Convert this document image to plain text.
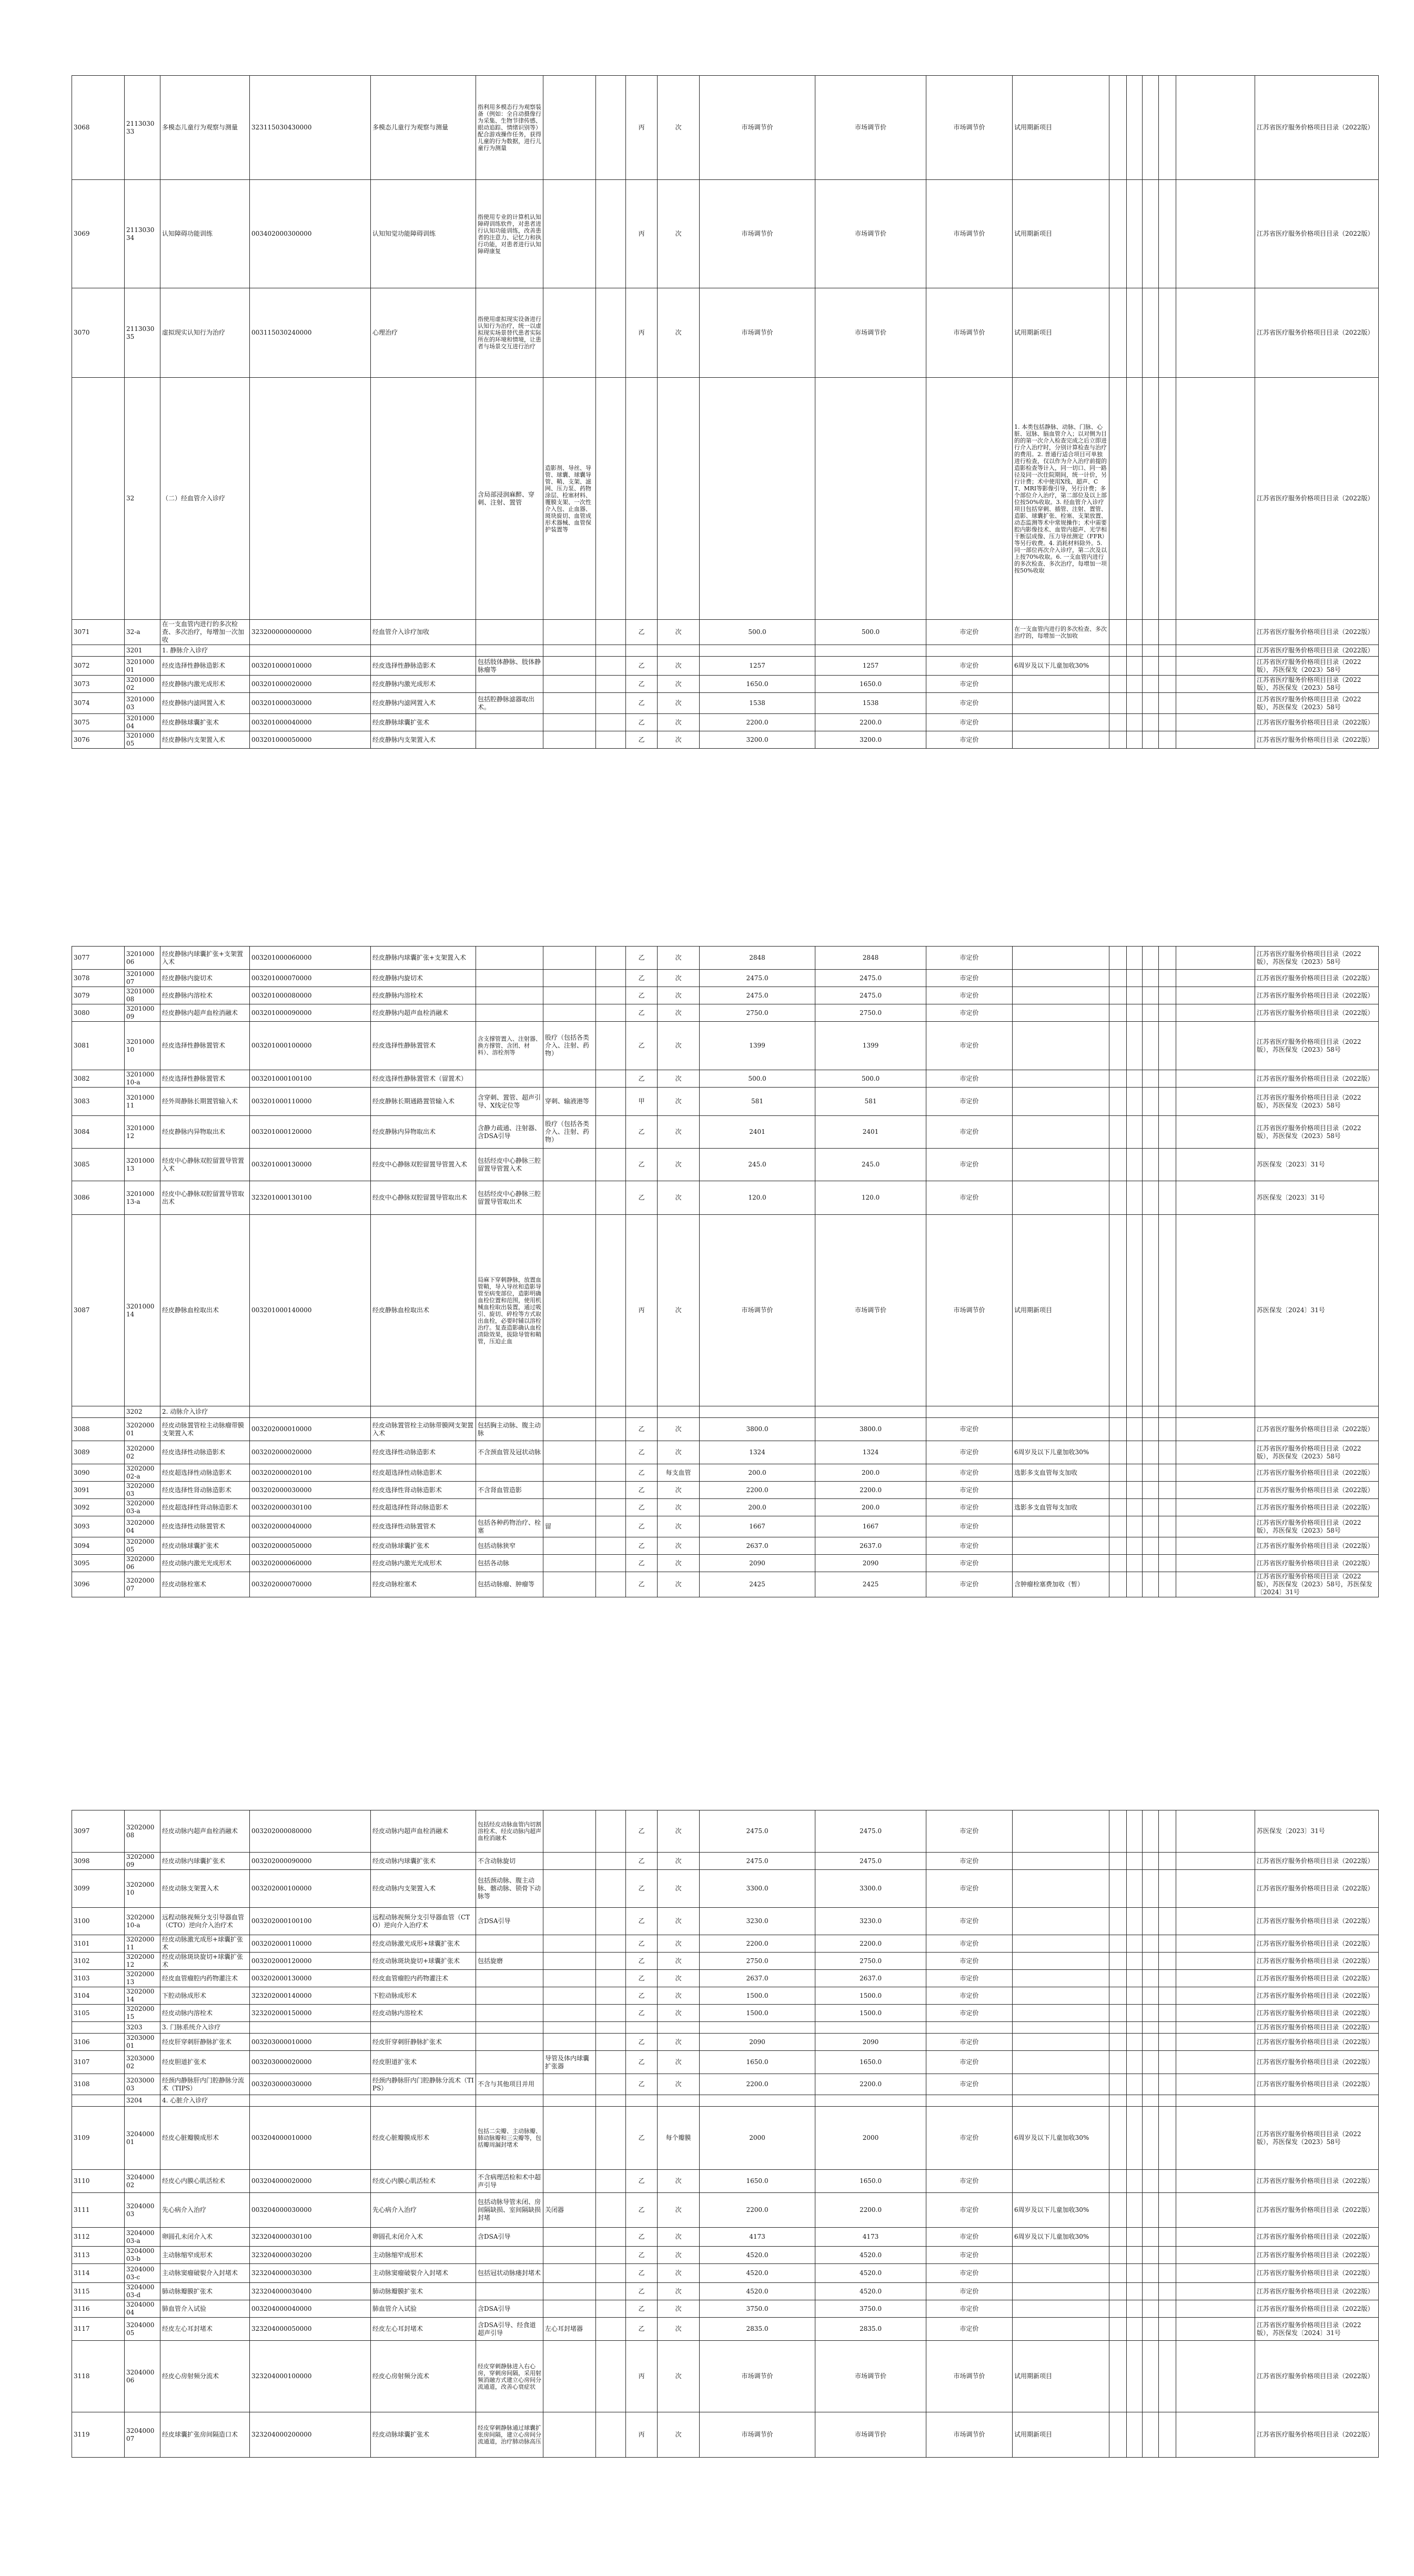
3068	211303033	多模态儿童行为观察与测量	323115030430000	多模态儿童行为观察与测量	指利用多模态行为观察装备（例如：全自动摄像行为采集、生物节律传感、眼动追踪、情绪识别等）配合游戏操作任务，获得儿童的行为数据，进行儿童行为测量			丙	次	市场调节价	市场调节价	市场调节价	试用期新项目						江苏省医疗服务价格项目目录（2022版）
3069	211303034	认知障碍功能训练	003402000300000	认知知觉功能障碍训练	指使用专业的计算机认知障碍训练软件，对患者进行认知功能训练，改善患者的注意力、记忆力和执行功能，对患者进行认知障碍康复			丙	次	市场调节价	市场调节价	市场调节价	试用期新项目						江苏省医疗服务价格项目目录（2022版）
3070	211303035	虚拟现实认知行为治疗	003115030240000	心理治疗	指使用虚拟现实设备进行认知行为治疗，统一以虚拟现实场景替代患者实际所在的环境和情境，让患者与场景交互进行治疗			丙	次	市场调节价	市场调节价	市场调节价	试用期新项目						江苏省医疗服务价格项目目录（2022版）
	32	（二）经血管介入诊疗			含局部浸润麻醉、穿刺、注射、置管	造影剂、导丝、导管、球囊、球囊导管、鞘、支架、滤网、压力泵、药物涂层、栓塞材料、覆膜支架、一次性介入包、止血器、斑块旋切、血管成形术器械、血管保护装置等							1. 本类包括静脉、动脉、门脉、心脏、冠脉、脑血管介入；以对侧为目的的第一次介入检查完成之后立即进行介入治疗时，分别计算检查与治疗的费用。2. 普通行适合项目可单独进行检查，仅以作为介入治疗前提的造影检查等计入，同一切口、同一路径及同一次住院期间，统一计价，另行计费；术中使用X线、超声、CT、MRI等影像引导，另行计费；多个部位介入治疗，第二部位及以上部位按50%收取。3. 经血管介入诊疗项目包括穿刺、插管、注射、置管、造影、球囊扩张、栓塞、支架放置、动态监测等术中常规操作；术中需要腔内影像技术、血管内超声、光学相干断层成像、压力导丝测定（FFR）等另行收费。4. 消耗材料除外。5. 同一部位再次介入诊疗，第二次及以上按70%收取。6. 一支血管内进行的多次检查、多次治疗，每增加一项按50%收取						江苏省医疗服务价格项目目录（2022版）
3071	32-a	在一支血管内进行的多次检查、多次治疗，每增加一次加收	323200000000000	经血管介入诊疗加收				乙	次	500.0	500.0	市定价	在一支血管内进行的多次检查、多次治疗的，每增加一次加收						江苏省医疗服务价格项目目录（2022版）
	3201	1. 静脉介入诊疗																	江苏省医疗服务价格项目目录（2022版）
3072	320100001	经皮选择性静脉造影术	003201000010000	经皮选择性静脉造影术	包括肢体静脉、肢体静脉瘤等			乙	次	1257	1257	市定价	6周岁及以下儿童加收30%						江苏省医疗服务价格项目目录（2022版），苏医保发（2023）58号
3073	320100002	经皮静脉内激光成形术	003201000020000	经皮静脉内激光成形术				乙	次	1650.0	1650.0	市定价							江苏省医疗服务价格项目目录（2022版），苏医保发（2023）58号
3074	320100003	经皮静脉内滤网置入术	003201000030000	经皮静脉内滤网置入术	包括腔静脉滤器取出术。			乙	次	1538	1538	市定价							江苏省医疗服务价格项目目录（2022版），苏医保发（2023）58号
3075	320100004	经皮静脉球囊扩张术	003201000040000	经皮静脉球囊扩张术				乙	次	2200.0	2200.0	市定价							江苏省医疗服务价格项目目录（2022版）
3076	320100005	经皮静脉内支架置入术	003201000050000	经皮静脉内支架置入术				乙	次	3200.0	3200.0	市定价							江苏省医疗服务价格项目目录（2022版）
3077	320100006	经皮静脉内球囊扩张+支架置入术	003201000060000	经皮静脉内球囊扩张+支架置入术				乙	次	2848	2848	市定价							江苏省医疗服务价格项目目录（2022版），苏医保发（2023）58号
3078	320100007	经皮静脉内旋切术	003201000070000	经皮静脉内旋切术				乙	次	2475.0	2475.0	市定价							江苏省医疗服务价格项目目录（2022版）
3079	320100008	经皮静脉内溶栓术	003201000080000	经皮静脉内溶栓术				乙	次	2475.0	2475.0	市定价							江苏省医疗服务价格项目目录（2022版）
3080	320100009	经皮静脉内超声血栓消融术	003201000090000	经皮静脉内超声血栓消融术				乙	次	2750.0	2750.0	市定价							江苏省医疗服务价格项目目录（2022版）
3081	320100010	经皮选择性静脉置管术	003201000100000	经皮选择性静脉置管术	含支撑管置入、注射器、换方撑管、含团、材料）、溶栓剂等	股疗（包括各类介入、注射、药物）		乙	次	1399	1399	市定价							江苏省医疗服务价格项目目录（2022版），苏医保发（2023）58号
3082	320100010-a	经皮选择性静脉置管术	003201000100100	经皮选择性静脉置管术（留置术）				乙	次	500.0	500.0	市定价							江苏省医疗服务价格项目目录（2022版）
3083	320100011	经外周静脉长期置管输入术	003201000110000	经皮静脉长期通路置管输入术	含穿刺、置管、超声引导、X线定位等	穿刺、输液港等		甲	次	581	581	市定价							江苏省医疗服务价格项目目录（2022版），苏医保发（2023）58号
3084	320100012	经皮静脉内异物取出术	003201000120000	经皮静脉内异物取出术	含静力疏通、注射器、含DSA引导	股疗（包括各类介入、注射、药物）		乙	次	2401	2401	市定价							江苏省医疗服务价格项目目录（2022版），苏医保发（2023）58号
3085	320100013	经皮中心静脉双腔留置导管置入术	003201000130000	经皮中心静脉双腔留置导管置入术	包括经皮中心静脉三腔留置导管置入术			乙	次	245.0	245.0	市定价							苏医保发〔2023〕31号
3086	320100013-a	经皮中心静脉双腔留置导管取出术	323201000130100	经皮中心静脉双腔留置导管取出术	包括经皮中心静脉三腔留置导管取出术			乙	次	120.0	120.0	市定价							苏医保发〔2023〕31号
3087	320100014	经皮静脉血栓取出术	003201000140000	经皮静脉血栓取出术	局麻下穿刺静脉，放置血管鞘，导入导丝和造影导管至病变部位，造影明确血栓位置和范围，使用机械血栓取出装置，通过吸引、旋切、碎栓等方式取出血栓，必要时辅以溶栓治疗。复查造影确认血栓清除效果，拔除导管和鞘管，压迫止血			丙	次	市场调节价	市场调节价	市场调节价	试用期新项目						苏医保发〔2024〕31号
	3202	2. 动脉介入诊疗																	
3088	320200001	经皮动脉置管栓主动脉瘤带膜支架置入术	003202000010000	经皮动脉置管栓主动脉带膜网支架置入术	包括胸主动脉、腹主动脉			乙	次	3800.0	3800.0	市定价							江苏省医疗服务价格项目目录（2022版）
3089	320200002	经皮选择性动脉造影术	003202000020000	经皮选择性动脉造影术	不含颈血管及冠状动脉			乙	次	1324	1324	市定价	6周岁及以下儿童加收30%						江苏省医疗服务价格项目目录（2022版），苏医保发（2023）58号
3090	320200002-a	经皮超选择性动脉造影术	003202000020100	经皮超选择性动脉造影术				乙	每支血管	200.0	200.0	市定价	选影多支血管每支加收						江苏省医疗服务价格项目目录（2022版）
3091	320200003	经皮选择性肾动脉造影术	003202000030000	经皮选择性肾动脉造影术	不含肾血管造影			乙	次	2200.0	2200.0	市定价							江苏省医疗服务价格项目目录（2022版）
3092	320200003-a	经皮超选择性肾动脉造影术	003202000030100	经皮超选择性肾动脉造影术				乙	次	200.0	200.0	市定价	选影多支血管每支加收						江苏省医疗服务价格项目目录（2022版）
3093	320200004	经皮选择性动脉置管术	003202000040000	经皮选择性动脉置管术	包括各种药物治疗、栓塞	留		乙	次	1667	1667	市定价							江苏省医疗服务价格项目目录（2022版），苏医保发（2023）58号
3094	320200005	经皮动脉球囊扩张术	003202000050000	经皮动脉球囊扩张术	包括动脉狭窄			乙	次	2637.0	2637.0	市定价							江苏省医疗服务价格项目目录（2022版）
3095	320200006	经皮动脉内激光光成形术	003202000060000	经皮动脉内激光光成形术	包括各动脉			乙	次	2090	2090	市定价							江苏省医疗服务价格项目目录（2022版）
3096	320200007	经皮动脉栓塞术	003202000070000	经皮动脉栓塞术	包括动脉瘤、肿瘤等			乙	次	2425	2425	市定价	含肿瘤栓塞费加收（暂）						江苏省医疗服务价格项目目录（2022版），苏医保发（2023）58号，苏医保发〔2024〕31号
3097	320200008	经皮动脉内超声血栓消融术	003202000080000	经皮动脉内超声血栓消融术	包括经皮动脉血管内切割溶栓术、经皮动脉内超声血栓消融术			乙	次	2475.0	2475.0	市定价							苏医保发〔2023〕31号
3098	320200009	经皮动脉内球囊扩张术	003202000090000	经皮动脉内球囊扩张术	不含动脉旋切			乙	次	2475.0	2475.0	市定价							江苏省医疗服务价格项目目录（2022版）
3099	320200010	经皮动脉支架置入术	003202000100000	经皮动脉内支架置入术	包括颈动脉、腹主动脉、髂动脉、锁骨下动脉等			乙	次	3300.0	3300.0	市定价							江苏省医疗服务价格项目目录（2022版）
3100	320200010-a	远程动脉视频分支引导器血管（CTO）逆向介入治疗术	003202000100100	远程动脉视频分支引导器血管（CTO）逆向介入治疗术	含DSA引导			乙	次	3230.0	3230.0	市定价							江苏省医疗服务价格项目目录（2022版）
3101	320200011	经皮动脉激光成形+球囊扩张术	003202000110000	经皮动脉激光成形+球囊扩张术				乙	次	2200.0	2200.0	市定价							江苏省医疗服务价格项目目录（2022版）
3102	320200012	经皮动脉斑块旋切+球囊扩张术	003202000120000	经皮动脉斑块旋切+球囊扩张术	包括旋磨			乙	次	2750.0	2750.0	市定价							江苏省医疗服务价格项目目录（2022版）
3103	320200013	经皮血管瘤腔内药物灌注术	003202000130000	经皮血管瘤腔内药物灌注术				乙	次	2637.0	2637.0	市定价							江苏省医疗服务价格项目目录（2022版）
3104	320200014	下腔动脉成形术	323202000140000	下腔动脉成形术				乙	次	1500.0	1500.0	市定价							江苏省医疗服务价格项目目录（2022版）
3105	320200015	经皮动脉内溶栓术	323202000150000	经皮动脉内溶栓术				乙	次	1500.0	1500.0	市定价							江苏省医疗服务价格项目目录（2022版）
	3203	3. 门脉系统介入诊疗																	江苏省医疗服务价格项目目录（2022版）
3106	320300001	经皮肝穿刺肝静脉扩张术	003203000010000	经皮肝穿刺肝静脉扩张术				乙	次	2090	2090	市定价							江苏省医疗服务价格项目目录（2022版）
3107	320300002	经皮胆道扩张术	003203000020000	经皮胆道扩张术		导管及体内球囊扩张器		乙	次	1650.0	1650.0	市定价							江苏省医疗服务价格项目目录（2022版）
3108	320300003	经颈内静脉肝内门腔静脉分流术（TIPS）	003203000030000	经颈内静脉肝内门腔静脉分流术（TIPS）	不含与其他项目并用			乙	次	2200.0	2200.0	市定价							江苏省医疗服务价格项目目录（2022版）
	3204	4. 心脏介入诊疗																	
3109	320400001	经皮心脏瓣膜成形术	003204000010000	经皮心脏瓣膜成形术	包括二尖瓣、主动脉瓣、肺动脉瓣和三尖瓣等，包括瓣周漏封堵术			乙	每个瓣膜	2000	2000	市定价	6周岁及以下儿童加收30%						江苏省医疗服务价格项目目录（2022版），苏医保发（2023）58号
3110	320400002	经皮心内膜心肌活检术	003204000020000	经皮心内膜心肌活检术	不含病理活检和术中超声引导			乙	次	1650.0	1650.0	市定价							江苏省医疗服务价格项目目录（2022版）
3111	320400003	先心病介入治疗	003204000030000	先心病介入治疗	包括动脉导管未闭、房间隔缺损、室间隔缺损封堵	关闭器		乙	次	2200.0	2200.0	市定价	6周岁及以下儿童加收30%						江苏省医疗服务价格项目目录（2022版）
3112	320400003-a	卵圆孔未闭介入术	323204000030100	卵圆孔未闭介入术	含DSA引导			乙	次	4173	4173	市定价	6周岁及以下儿童加收30%						江苏省医疗服务价格项目目录（2022版）
3113	320400003-b	主动脉缩窄成形术	323204000030200	主动脉缩窄成形术				乙	次	4520.0	4520.0	市定价							江苏省医疗服务价格项目目录（2022版）
3114	320400003-c	主动脉窦瘤破裂介入封堵术	323204000030300	主动脉窦瘤破裂介入封堵术	包括冠状动脉瘘封堵术			乙	次	4520.0	4520.0	市定价							江苏省医疗服务价格项目目录（2022版）
3115	320400003-d	肺动脉瓣膜扩张术	323204000030400	肺动脉瓣膜扩张术				乙	次	4520.0	4520.0	市定价							江苏省医疗服务价格项目目录（2022版）
3116	320400004	肺血管介入试验	003204000040000	肺血管介入试验	含DSA引导			乙	次	3750.0	3750.0	市定价							江苏省医疗服务价格项目目录（2022版）
3117	320400005	经皮左心耳封堵术	323204000050000	经皮左心耳封堵术	含DSA引导、经食道超声引导	左心耳封堵器		乙	次	2835.0	2835.0	市定价							江苏省医疗服务价格项目目录（2022版），苏医保发〔2024〕31号
3118	320400006	经皮心房射频分流术	323204000100000	经皮心房射频分流术	经皮穿刺静脉进入右心房，穿刺房间隔，采用射频消融方式建立心房间分流通道，改善心衰症状			丙	次	市场调节价	市场调节价	市场调节价	试用期新项目						江苏省医疗服务价格项目目录（2022版）
3119	320400007	经皮球囊扩张房间隔造口术	323204000200000	经皮动脉球囊扩张术	经皮穿刺静脉通过球囊扩张房间隔，建立心房间分流通道，治疗肺动脉高压			丙	次	市场调节价	市场调节价	市场调节价	试用期新项目						江苏省医疗服务价格项目目录（2022版）
